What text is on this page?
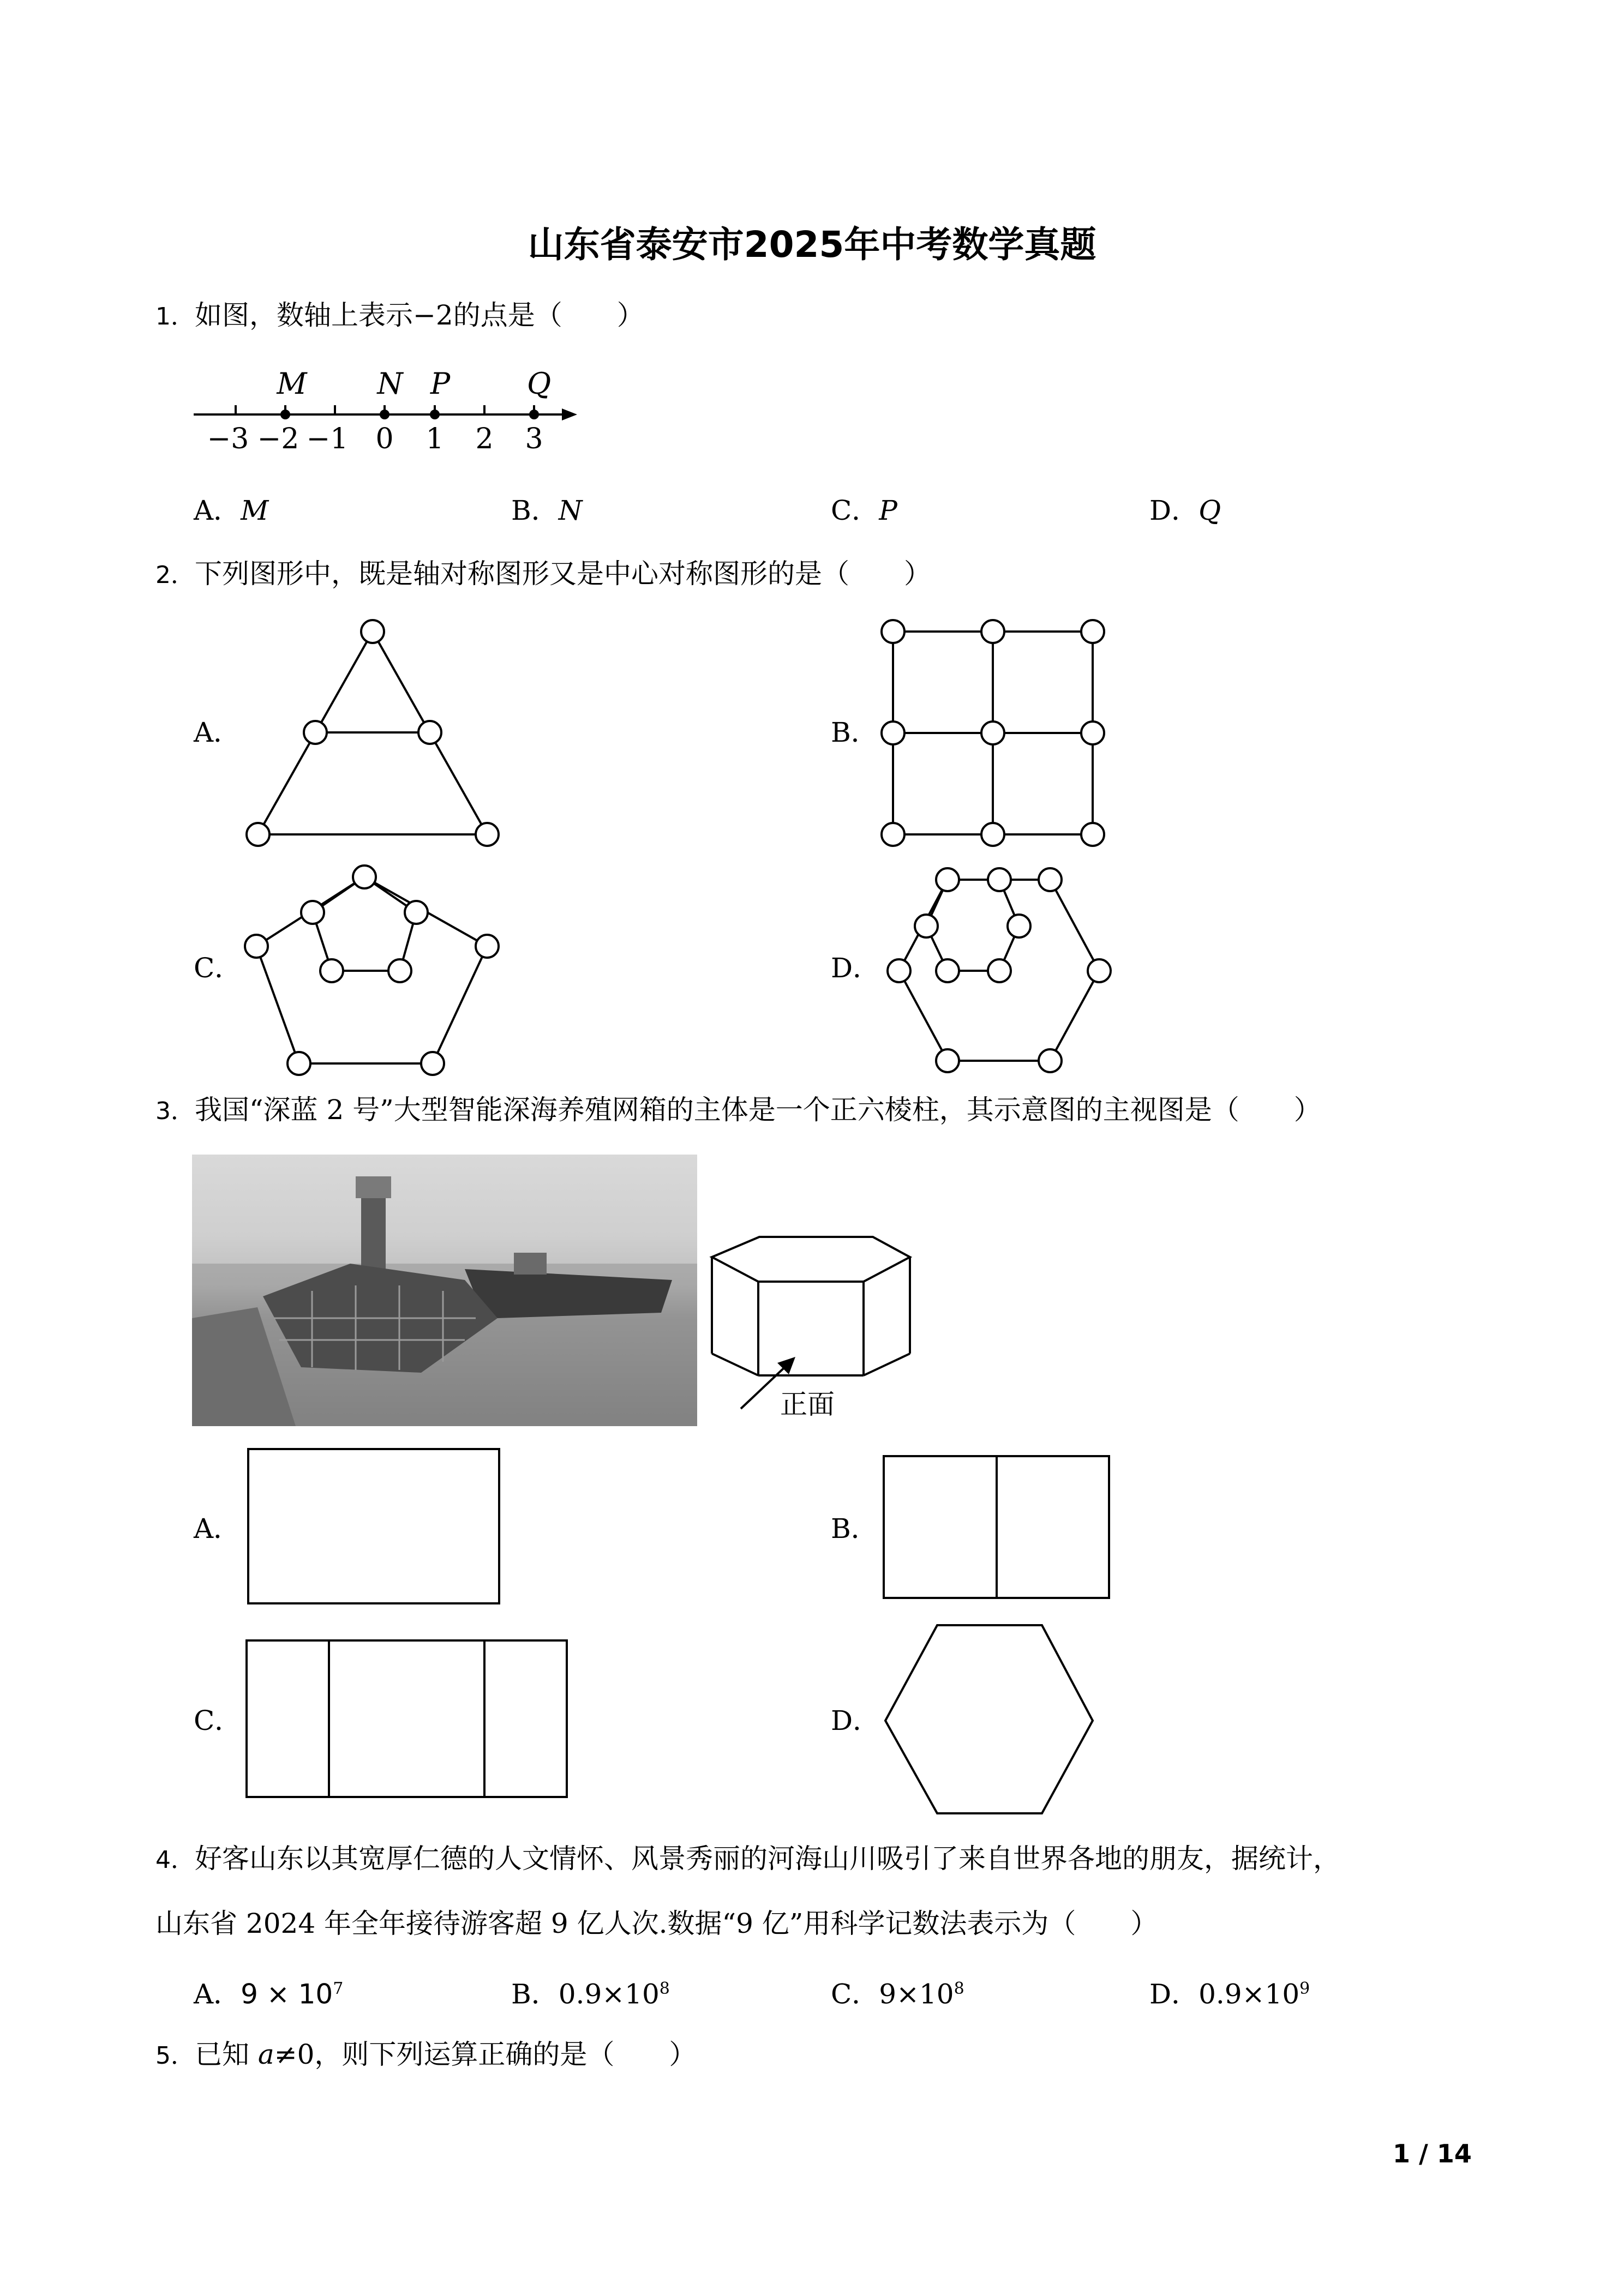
山东省泰安市2025年中考数学真题
1．如图，数轴上表示−2的点是（　　）
M N P	Q
−3 −2 −1 0 1 2 3
A．M	B．N	C．P	D．Q
2．下列图形中，既是轴对称图形又是中心对称图形的是（　　）
A．	B．
C．	D．
3．我国“深蓝 2 号”大型智能深海养殖网箱的主体是一个正六棱柱，其示意图的主视图是（　　）
正面
A．	B．
C．	D．
4．好客山东以其宽厚仁德的人文情怀、风景秀丽的河海山川吸引了来自世界各地的朋友，据统计，
山东省 2024 年全年接待游客超 9 亿人次.数据“9 亿”用科学记数法表示为（　　）
A．$9 \times 10^7$	B．$0.9\times 10^8$	C．$9\times 10^8$	D．$0.9\times 10^9$
5．已知 a≠0，则下列运算正确的是（　　）
1 / 14
